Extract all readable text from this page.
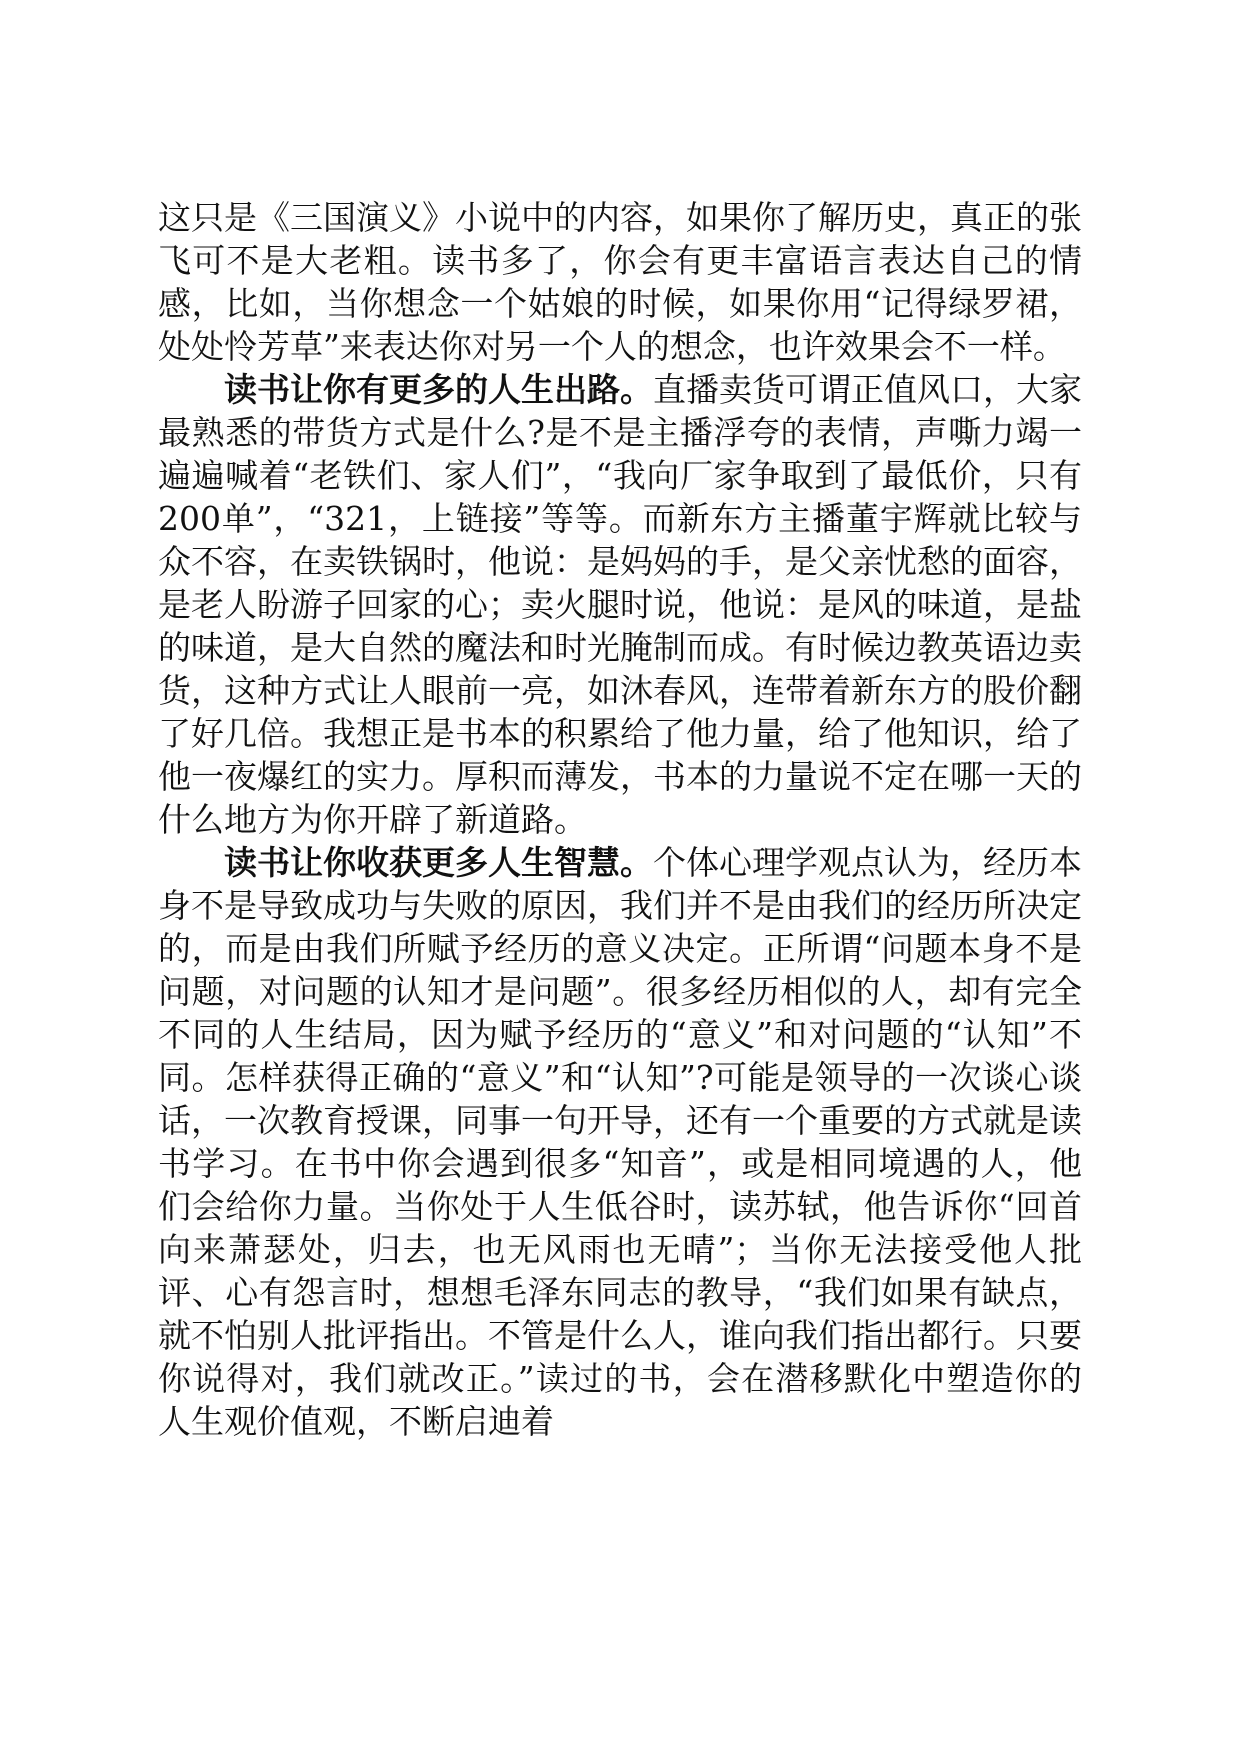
这只是《三国演义》小说中的内容，如果你了解历史，真正的张飞可不是大老粗。读书多了，你会有更丰富语言表达自己的情感，比如，当你想念一个姑娘的时候，如果你用“记得绿罗裙，处处怜芳草”来表达你对另一个人的想念，也许效果会不一样。

读书让你有更多的人生出路。直播卖货可谓正值风口，大家最熟悉的带货方式是什么?是不是主播浮夸的表情，声嘶力竭一遍遍喊着“老铁们、家人们”，“我向厂家争取到了最低价，只有200单”，“321，上链接”等等。而新东方主播董宇辉就比较与众不容，在卖铁锅时，他说：是妈妈的手，是父亲忧愁的面容，是老人盼游子回家的心；卖火腿时说，他说：是风的味道，是盐的味道，是大自然的魔法和时光腌制而成。有时候边教英语边卖货，这种方式让人眼前一亮，如沐春风，连带着新东方的股价翻了好几倍。我想正是书本的积累给了他力量，给了他知识，给了他一夜爆红的实力。厚积而薄发，书本的力量说不定在哪一天的什么地方为你开辟了新道路。

读书让你收获更多人生智慧。个体心理学观点认为，经历本身不是导致成功与失败的原因，我们并不是由我们的经历所决定的，而是由我们所赋予经历的意义决定。正所谓“问题本身不是问题，对问题的认知才是问题”。很多经历相似的人，却有完全不同的人生结局，因为赋予经历的“意义”和对问题的“认知”不同。怎样获得正确的“意义”和“认知”?可能是领导的一次谈心谈话，一次教育授课，同事一句开导，还有一个重要的方式就是读书学习。在书中你会遇到很多“知音”，或是相同境遇的人，他们会给你力量。当你处于人生低谷时，读苏轼，他告诉你“回首向来萧瑟处，归去，也无风雨也无晴”；当你无法接受他人批评、心有怨言时，想想毛泽东同志的教导，“我们如果有缺点，就不怕别人批评指出。不管是什么人，谁向我们指出都行。只要你说得对，我们就改正。”读过的书，会在潜移默化中塑造你的人生观价值观，不断启迪着
